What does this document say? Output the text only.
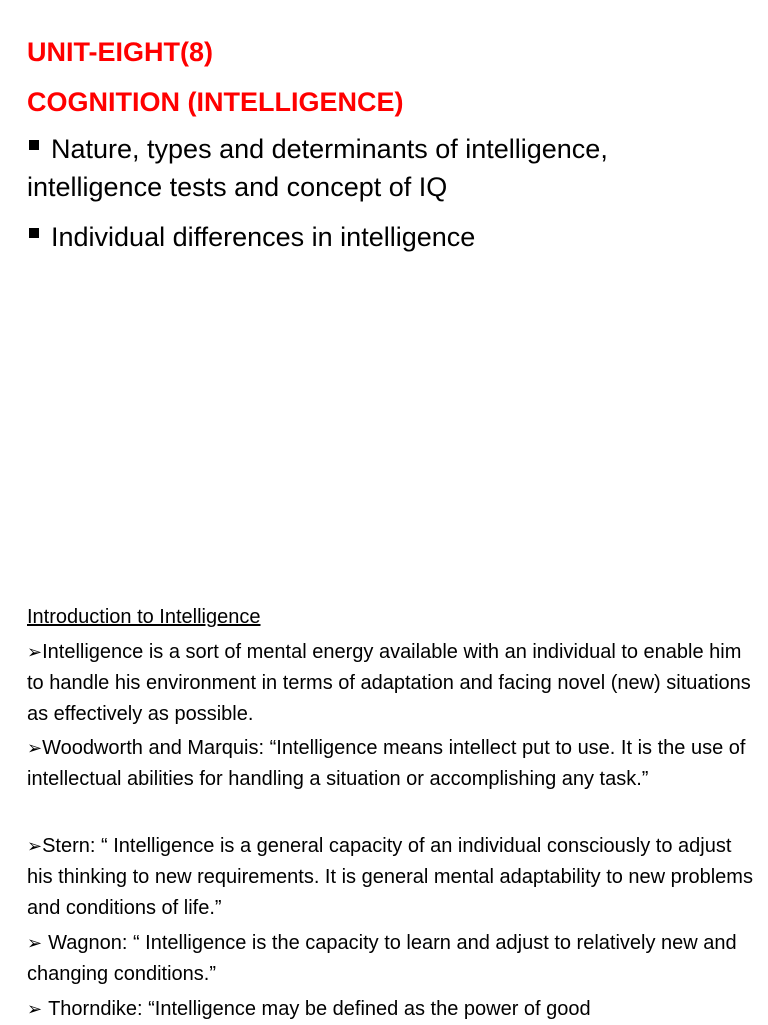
UNIT-EIGHT(8)
COGNITION (INTELLIGENCE)
Nature, types and determinants of intelligence, intelligence tests and concept of IQ
Individual differences in intelligence
Introduction to Intelligence
➢Intelligence is a sort of mental energy available with an individual to enable him to handle his environment in terms of adaptation and facing novel (new) situations as effectively as possible.
➢Woodworth and Marquis: “Intelligence means intellect put to use. It is the use of intellectual abilities for handling a situation or accomplishing any task.”
➢Stern: “ Intelligence is a general capacity of an individual consciously to adjust his thinking to new requirements. It is general mental adaptability to new problems and conditions of life.”
➢ Wagnon: “ Intelligence is the capacity to learn and adjust to relatively new and changing conditions.”
➢ Thorndike: “Intelligence may be defined as the power of good
